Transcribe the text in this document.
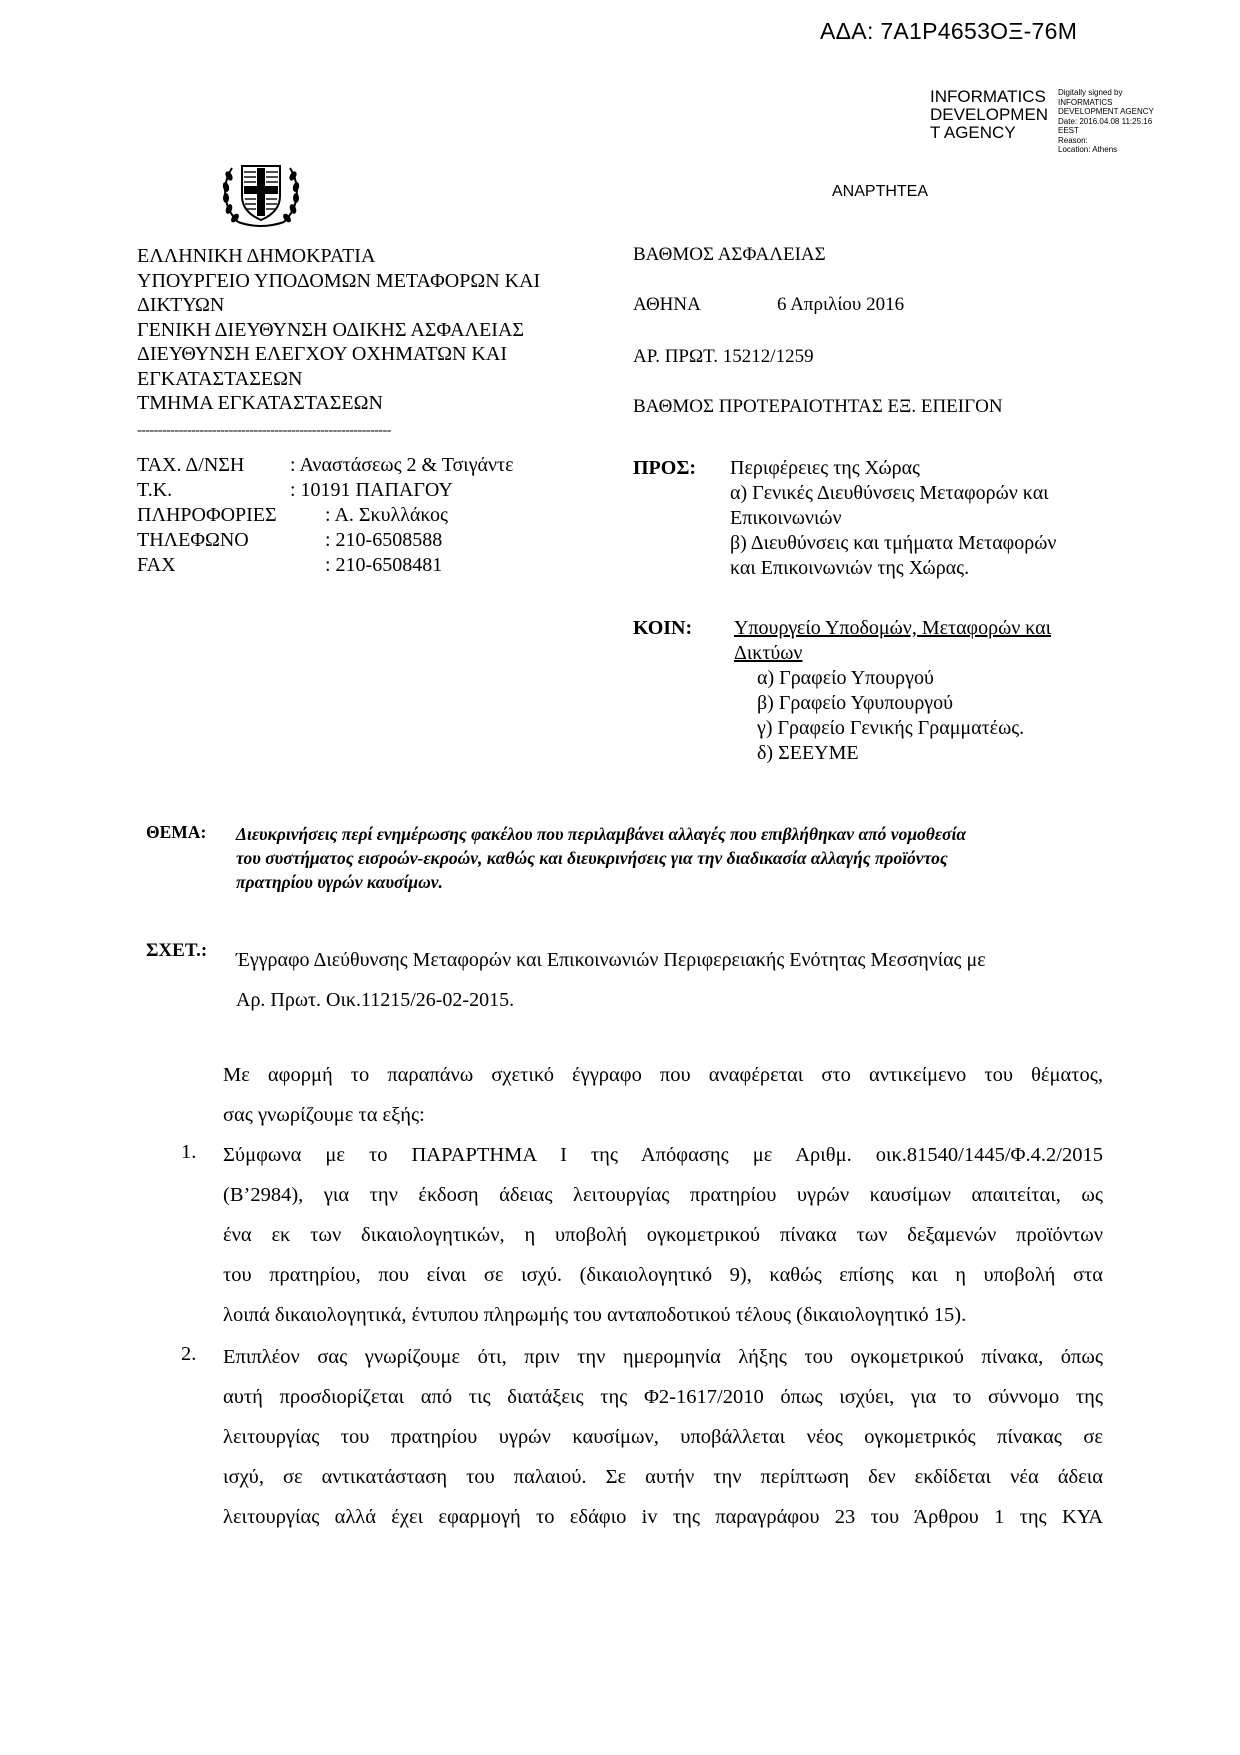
ΑΔΑ: 7Α1Ρ4653ΟΞ-76Μ
INFORMATICS
DEVELOPMEN
T AGENCY
Digitally signed by
INFORMATICS
DEVELOPMENT AGENCY
Date: 2016.04.08 11:25:16
EEST
Reason:
Location: Athens
ΑΝΑΡΤΗΤΕΑ
ΕΛΛΗΝΙΚΗ ΔΗΜΟΚΡΑΤΙΑ
ΥΠΟΥΡΓΕΙΟ ΥΠΟΔΟΜΩΝ ΜΕΤΑΦΟΡΩΝ ΚΑΙ
ΔΙΚΤΥΩΝ
ΓΕΝΙΚΗ ΔΙΕΥΘΥΝΣΗ ΟΔΙΚΗΣ ΑΣΦΑΛΕΙΑΣ
ΔΙΕΥΘΥΝΣΗ ΕΛΕΓΧΟΥ ΟΧΗΜΑΤΩΝ ΚΑΙ
ΕΓΚΑΤΑΣΤΑΣΕΩΝ
ΤΜΗΜΑ ΕΓΚΑΤΑΣΤΑΣΕΩΝ
-------------------------------------------------------------
ΤΑΧ. Δ/ΝΣΗ : Αναστάσεως 2 & Τσιγάντε
Τ.Κ.	: 10191 ΠΑΠΑΓΟΥ
ΠΛΗΡΟΦΟΡΙΕΣ : Α. Σκυλλάκος
ΤΗΛΕΦΩΝΟ	: 210-6508588
FAX	: 210-6508481
ΒΑΘΜΟΣ ΑΣΦΑΛΕΙΑΣ
ΑΘΗΝΑ	6 Απριλίου 2016
ΑΡ. ΠΡΩΤ. 15212/1259
ΒΑΘΜΟΣ ΠΡΟΤΕΡΑΙΟΤΗΤΑΣ ΕΞ. ΕΠΕΙΓΟΝ
ΠΡΟΣ: Περιφέρειες της Χώρας
α) Γενικές Διευθύνσεις Μεταφορών και
Επικοινωνιών
β) Διευθύνσεις και τμήματα Μεταφορών
και Επικοινωνιών της Χώρας.
ΚΟΙΝ: Υπουργείο Υποδομών, Μεταφορών και
Δικτύων
α) Γραφείο Υπουργού
β) Γραφείο Υφυπουργού
γ) Γραφείο Γενικής Γραμματέως.
δ) ΣΕΕΥΜΕ
ΘΕΜΑ: Διευκρινήσεις περί ενημέρωσης φακέλου που περιλαμβάνει αλλαγές που επιβλήθηκαν από νομοθεσία
του συστήματος εισροών-εκροών, καθώς και διευκρινήσεις για την διαδικασία αλλαγής προϊόντος
πρατηρίου υγρών καυσίμων.
ΣΧΕΤ.: Έγγραφο Διεύθυνσης Μεταφορών και Επικοινωνιών Περιφερειακής Ενότητας Μεσσηνίας με
Αρ. Πρωτ. Οικ.11215/26-02-2015.
Με αφορμή το παραπάνω σχετικό έγγραφο που αναφέρεται στο αντικείμενο του θέματος,
σας γνωρίζουμε τα εξής:
1. Σύμφωνα με το ΠΑΡΑΡΤΗΜΑ Ι της Απόφασης με Αριθμ. οικ.81540/1445/Φ.4.2/2015
(Β’2984), για την έκδοση άδειας λειτουργίας πρατηρίου υγρών καυσίμων απαιτείται, ως
ένα εκ των δικαιολογητικών, η υποβολή ογκομετρικού πίνακα των δεξαμενών προϊόντων
του πρατηρίου, που είναι σε ισχύ. (δικαιολογητικό 9), καθώς επίσης και η υποβολή στα
λοιπά δικαιολογητικά, έντυπου πληρωμής του ανταποδοτικού τέλους (δικαιολογητικό 15).
2. Επιπλέον σας γνωρίζουμε ότι, πριν την ημερομηνία λήξης του ογκομετρικού πίνακα, όπως
αυτή προσδιορίζεται από τις διατάξεις της Φ2-1617/2010 όπως ισχύει, για το σύννομο της
λειτουργίας του πρατηρίου υγρών καυσίμων, υποβάλλεται νέος ογκομετρικός πίνακας σε
ισχύ, σε αντικατάσταση του παλαιού. Σε αυτήν την περίπτωση δεν εκδίδεται νέα άδεια
λειτουργίας αλλά έχει εφαρμογή το εδάφιο iv της παραγράφου 23 του Άρθρου 1 της ΚΥΑ
